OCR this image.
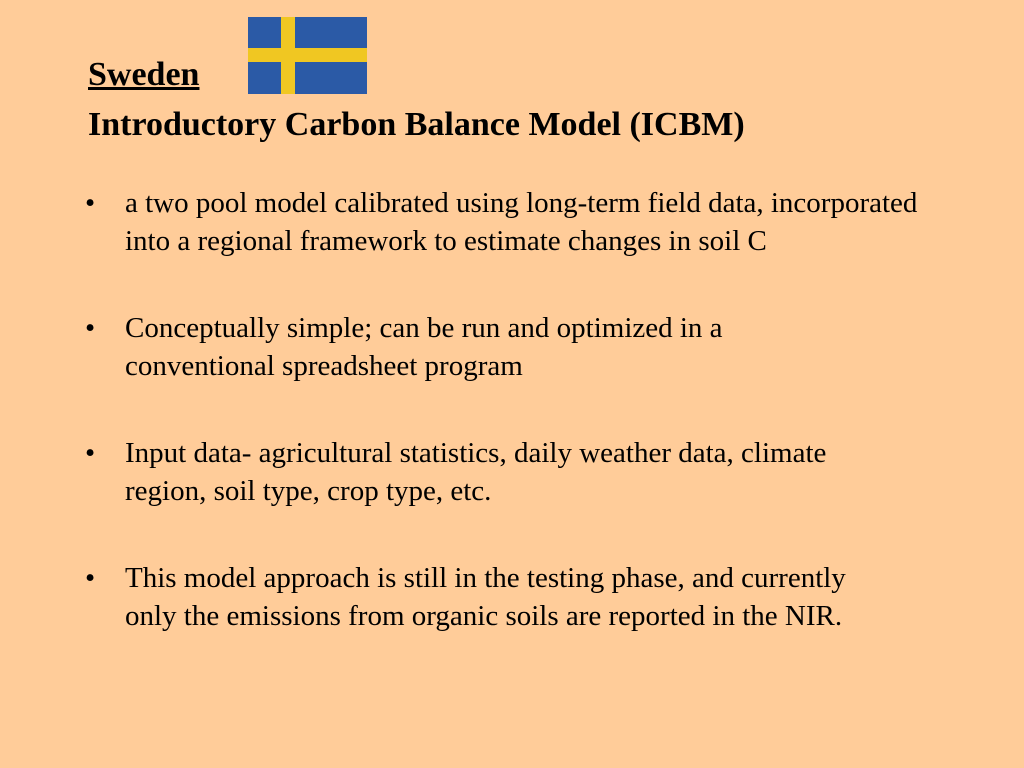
Sweden
Introductory Carbon Balance Model (ICBM)
•	a two pool model calibrated using long-term field data, incorporated into a regional framework to estimate changes in soil C
•	Conceptually simple; can be run and optimized in a conventional spreadsheet program
•	Input data- agricultural statistics, daily weather data, climate region, soil type, crop type, etc.
•	This model approach is still in the testing phase, and currently only the emissions from organic soils are reported in the NIR.
